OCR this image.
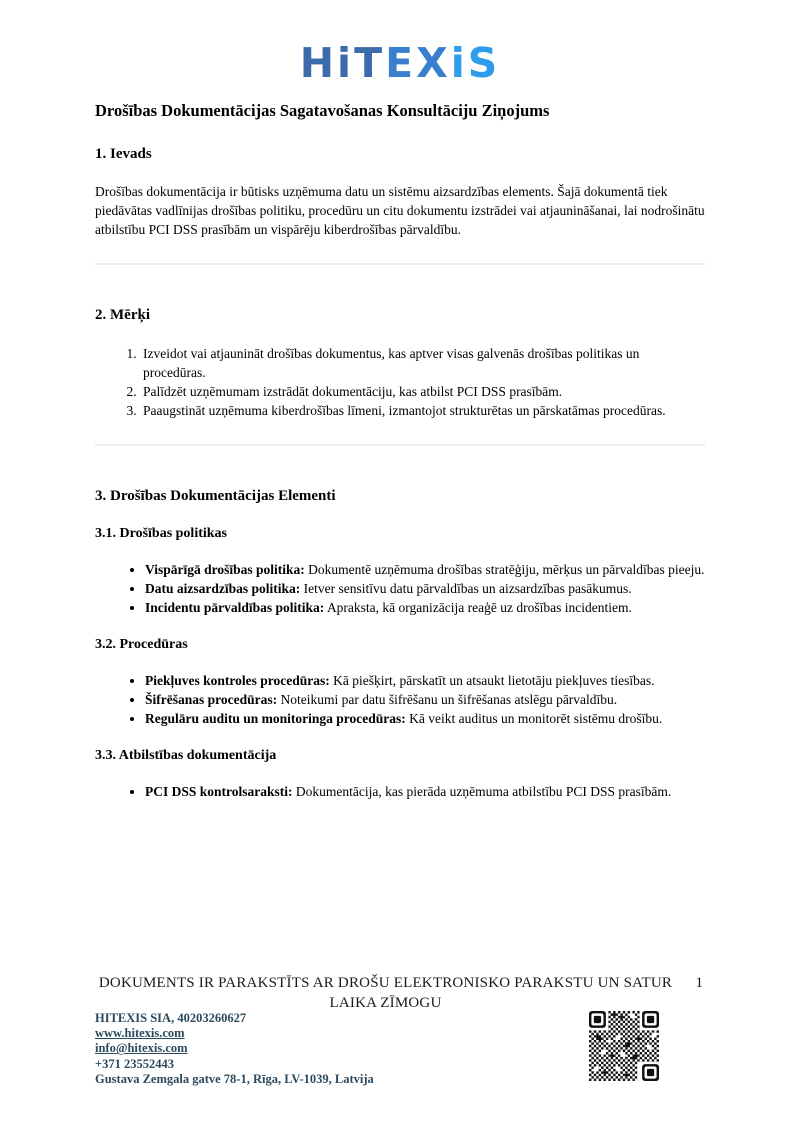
HiTEXiS
Drošības Dokumentācijas Sagatavošanas Konsultāciju Ziņojums
1. Ievads

Drošības dokumentācija ir būtisks uzņēmuma datu un sistēmu aizsardzības elements. Šajā dokumentā tiek piedāvātas vadlīnijas drošības politiku, procedūru un citu dokumentu izstrādei vai atjaunināšanai, lai nodrošinātu atbilstību PCI DSS prasībām un vispārēju kiberdrošības pārvaldību.

2. Mērķi
1. Izveidot vai atjaunināt drošības dokumentus, kas aptver visas galvenās drošības politikas un procedūras.
2. Palīdzēt uzņēmumam izstrādāt dokumentāciju, kas atbilst PCI DSS prasībām.
3. Paaugstināt uzņēmuma kiberdrošības līmeni, izmantojot strukturētas un pārskatāmas procedūras.
3. Drošības Dokumentācijas Elementi
3.1. Drošības politikas
• Vispārīgā drošības politika: Dokumentē uzņēmuma drošības stratēģiju, mērķus un pārvaldības pieeju.
• Datu aizsardzības politika: Ietver sensitīvu datu pārvaldības un aizsardzības pasākumus.
• Incidentu pārvaldības politika: Apraksta, kā organizācija reaģē uz drošības incidentiem.
3.2. Procedūras
• Piekļuves kontroles procedūras: Kā piešķirt, pārskatīt un atsaukt lietotāju piekļuves tiesības.
• Šifrēšanas procedūras: Noteikumi par datu šifrēšanu un šifrēšanas atslēgu pārvaldību.
• Regulāru auditu un monitoringa procedūras: Kā veikt auditus un monitorēt sistēmu drošību.
3.3. Atbilstības dokumentācija
• PCI DSS kontrolsaraksti: Dokumentācija, kas pierāda uzņēmuma atbilstību PCI DSS prasībām.
DOKUMENTS IR PARAKSTĪTS AR DROŠU ELEKTRONISKO PARAKSTU UN SATUR LAIKA ZĪMOGU
1
HITEXIS SIA, 40203260627
www.hitexis.com
info@hitexis.com
+371 23552443
Gustava Zemgala gatve 78-1, Rīga, LV-1039, Latvija
